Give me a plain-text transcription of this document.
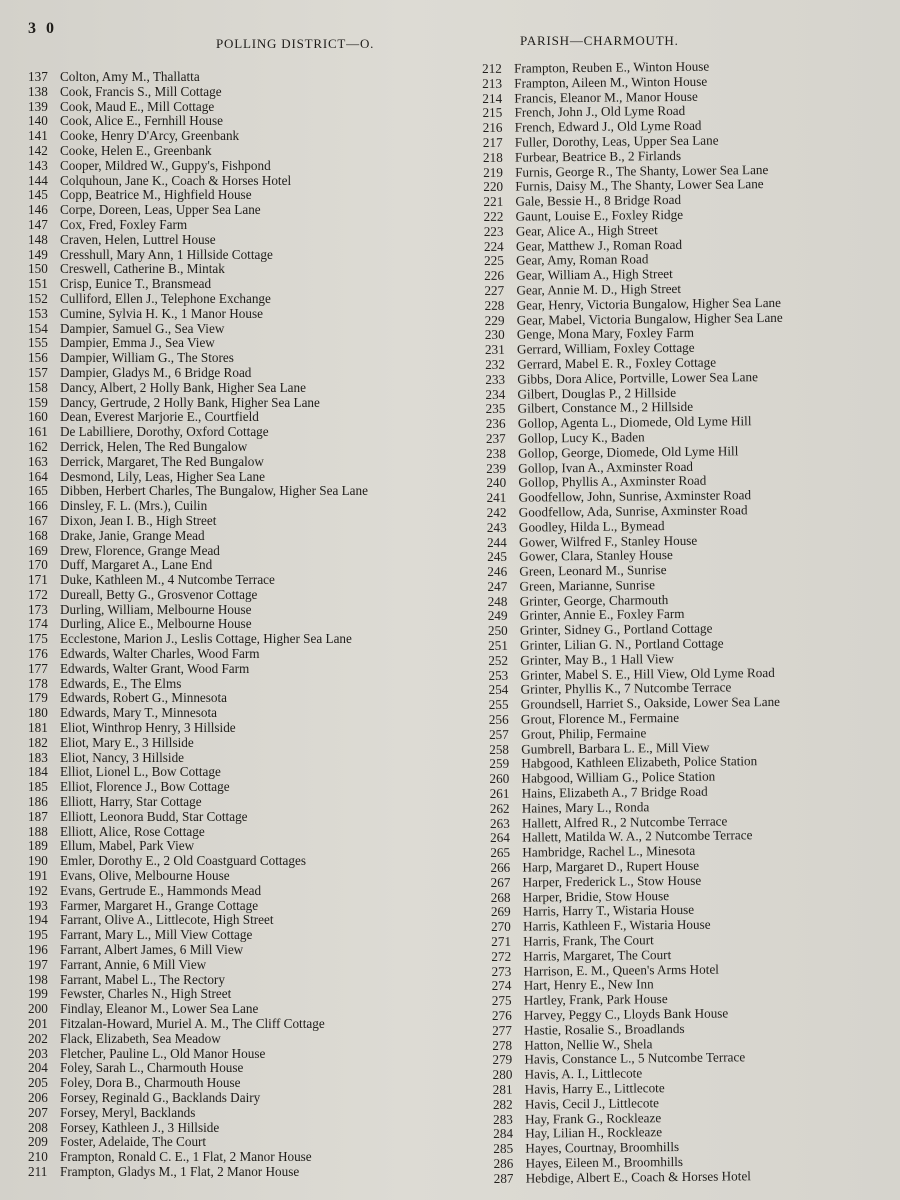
3 0
POLLING DISTRICT—O.	PARISH—CHARMOUTH.
137 Colton, Amy M., Thallatta
138 Cook, Francis S., Mill Cottage
139 Cook, Maud E., Mill Cottage
140 Cook, Alice E., Fernhill House
141 Cooke, Henry D'Arcy, Greenbank
142 Cooke, Helen E., Greenbank
143 Cooper, Mildred W., Guppy's, Fishpond
144 Colquhoun, Jane K., Coach & Horses Hotel
145 Copp, Beatrice M., Highfield House
146 Corpe, Doreen, Leas, Upper Sea Lane
147 Cox, Fred, Foxley Farm
148 Craven, Helen, Luttrel House
149 Cresshull, Mary Ann, 1 Hillside Cottage
150 Creswell, Catherine B., Mintak
151 Crisp, Eunice T., Bransmead
152 Culliford, Ellen J., Telephone Exchange
153 Cumine, Sylvia H. K., 1 Manor House
154 Dampier, Samuel G., Sea View
155 Dampier, Emma J., Sea View
156 Dampier, William G., The Stores
157 Dampier, Gladys M., 6 Bridge Road
158 Dancy, Albert, 2 Holly Bank, Higher Sea Lane
159 Dancy, Gertrude, 2 Holly Bank, Higher Sea Lane
160 Dean, Everest Marjorie E., Courtfield
161 De Labilliere, Dorothy, Oxford Cottage
162 Derrick, Helen, The Red Bungalow
163 Derrick, Margaret, The Red Bungalow
164 Desmond, Lily, Leas, Higher Sea Lane
165 Dibben, Herbert Charles, The Bungalow, Higher Sea Lane
166 Dinsley, F. L. (Mrs.), Cuilin
167 Dixon, Jean I. B., High Street
168 Drake, Janie, Grange Mead
169 Drew, Florence, Grange Mead
170 Duff, Margaret A., Lane End
171 Duke, Kathleen M., 4 Nutcombe Terrace
172 Dureall, Betty G., Grosvenor Cottage
173 Durling, William, Melbourne House
174 Durling, Alice E., Melbourne House
175 Ecclestone, Marion J., Leslis Cottage, Higher Sea Lane
176 Edwards, Walter Charles, Wood Farm
177 Edwards, Walter Grant, Wood Farm
178 Edwards, E., The Elms
179 Edwards, Robert G., Minnesota
180 Edwards, Mary T., Minnesota
181 Eliot, Winthrop Henry, 3 Hillside
182 Eliot, Mary E., 3 Hillside
183 Eliot, Nancy, 3 Hillside
184 Elliot, Lionel L., Bow Cottage
185 Elliot, Florence J., Bow Cottage
186 Elliott, Harry, Star Cottage
187 Elliott, Leonora Budd, Star Cottage
188 Elliott, Alice, Rose Cottage
189 Ellum, Mabel, Park View
190 Emler, Dorothy E., 2 Old Coastguard Cottages
191 Evans, Olive, Melbourne House
192 Evans, Gertrude E., Hammonds Mead
193 Farmer, Margaret H., Grange Cottage
194 Farrant, Olive A., Littlecote, High Street
195 Farrant, Mary L., Mill View Cottage
196 Farrant, Albert James, 6 Mill View
197 Farrant, Annie, 6 Mill View
198 Farrant, Mabel L., The Rectory
199 Fewster, Charles N., High Street
200 Findlay, Eleanor M., Lower Sea Lane
201 Fitzalan-Howard, Muriel A. M., The Cliff Cottage
202 Flack, Elizabeth, Sea Meadow
203 Fletcher, Pauline L., Old Manor House
204 Foley, Sarah L., Charmouth House
205 Foley, Dora B., Charmouth House
206 Forsey, Reginald G., Backlands Dairy
207 Forsey, Meryl, Backlands
208 Forsey, Kathleen J., 3 Hillside
209 Foster, Adelaide, The Court
210 Frampton, Ronald C. E., 1 Flat, 2 Manor House
211 Frampton, Gladys M., 1 Flat, 2 Manor House
212 Frampton, Reuben E., Winton House
213 Frampton, Aileen M., Winton House
214 Francis, Eleanor M., Manor House
215 French, John J., Old Lyme Road
216 French, Edward J., Old Lyme Road
217 Fuller, Dorothy, Leas, Upper Sea Lane
218 Furbear, Beatrice B., 2 Firlands
219 Furnis, George R., The Shanty, Lower Sea Lane
220 Furnis, Daisy M., The Shanty, Lower Sea Lane
221 Gale, Bessie H., 8 Bridge Road
222 Gaunt, Louise E., Foxley Ridge
223 Gear, Alice A., High Street
224 Gear, Matthew J., Roman Road
225 Gear, Amy, Roman Road
226 Gear, William A., High Street
227 Gear, Annie M. D., High Street
228 Gear, Henry, Victoria Bungalow, Higher Sea Lane
229 Gear, Mabel, Victoria Bungalow, Higher Sea Lane
230 Genge, Mona Mary, Foxley Farm
231 Gerrard, William, Foxley Cottage
232 Gerrard, Mabel E. R., Foxley Cottage
233 Gibbs, Dora Alice, Portville, Lower Sea Lane
234 Gilbert, Douglas P., 2 Hillside
235 Gilbert, Constance M., 2 Hillside
236 Gollop, Agenta L., Diomede, Old Lyme Hill
237 Gollop, Lucy K., Baden
238 Gollop, George, Diomede, Old Lyme Hill
239 Gollop, Ivan A., Axminster Road
240 Gollop, Phyllis A., Axminster Road
241 Goodfellow, John, Sunrise, Axminster Road
242 Goodfellow, Ada, Sunrise, Axminster Road
243 Goodley, Hilda L., Bymead
244 Gower, Wilfred F., Stanley House
245 Gower, Clara, Stanley House
246 Green, Leonard M., Sunrise
247 Green, Marianne, Sunrise
248 Grinter, George, Charmouth
249 Grinter, Annie E., Foxley Farm
250 Grinter, Sidney G., Portland Cottage
251 Grinter, Lilian G. N., Portland Cottage
252 Grinter, May B., 1 Hall View
253 Grinter, Mabel S. E., Hill View, Old Lyme Road
254 Grinter, Phyllis K., 7 Nutcombe Terrace
255 Groundsell, Harriet S., Oakside, Lower Sea Lane
256 Grout, Florence M., Fermaine
257 Grout, Philip, Fermaine
258 Gumbrell, Barbara L. E., Mill View
259 Habgood, Kathleen Elizabeth, Police Station
260 Habgood, William G., Police Station
261 Hains, Elizabeth A., 7 Bridge Road
262 Haines, Mary L., Ronda
263 Hallett, Alfred R., 2 Nutcombe Terrace
264 Hallett, Matilda W. A., 2 Nutcombe Terrace
265 Hambridge, Rachel L., Minesota
266 Harp, Margaret D., Rupert House
267 Harper, Frederick L., Stow House
268 Harper, Bridie, Stow House
269 Harris, Harry T., Wistaria House
270 Harris, Kathleen F., Wistaria House
271 Harris, Frank, The Court
272 Harris, Margaret, The Court
273 Harrison, E. M., Queen's Arms Hotel
274 Hart, Henry E., New Inn
275 Hartley, Frank, Park House
276 Harvey, Peggy C., Lloyds Bank House
277 Hastie, Rosalie S., Broadlands
278 Hatton, Nellie W., Shela
279 Havis, Constance L., 5 Nutcombe Terrace
280 Havis, A. I., Littlecote
281 Havis, Harry E., Littlecote
282 Havis, Cecil J., Littlecote
283 Hay, Frank G., Rockleaze
284 Hay, Lilian H., Rockleaze
285 Hayes, Courtnay, Broomhills
286 Hayes, Eileen M., Broomhills
287 Hebdige, Albert E., Coach & Horses Hotel
